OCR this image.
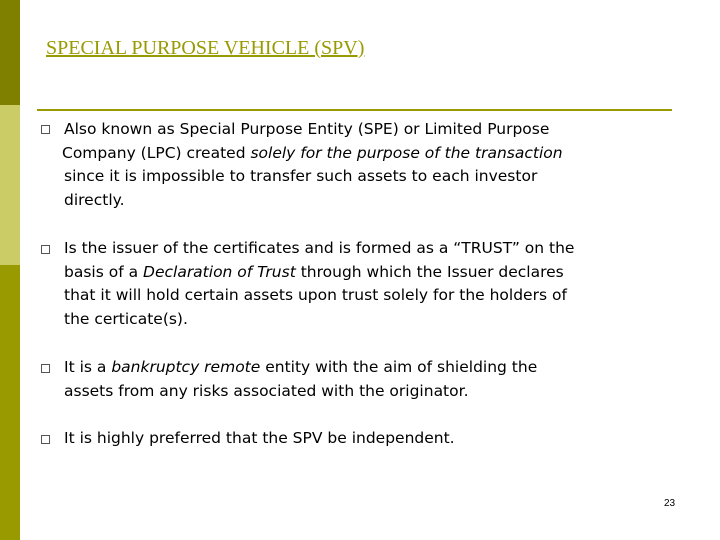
SPECIAL PURPOSE VEHICLE (SPV)
Also known as Special Purpose Entity (SPE) or Limited Purpose
Company (LPC) created solely for the purpose of the transaction
since it is impossible to transfer such assets to each investor
directly.
Is the issuer of the certificates and is formed as a “TRUST” on the
basis of a Declaration of Trust through which the Issuer declares
that it will hold certain assets upon trust solely for the holders of
the certicate(s).
It is a bankruptcy remote entity with the aim of shielding the
assets from any risks associated with the originator.
It is highly preferred that the SPV be independent.
23
